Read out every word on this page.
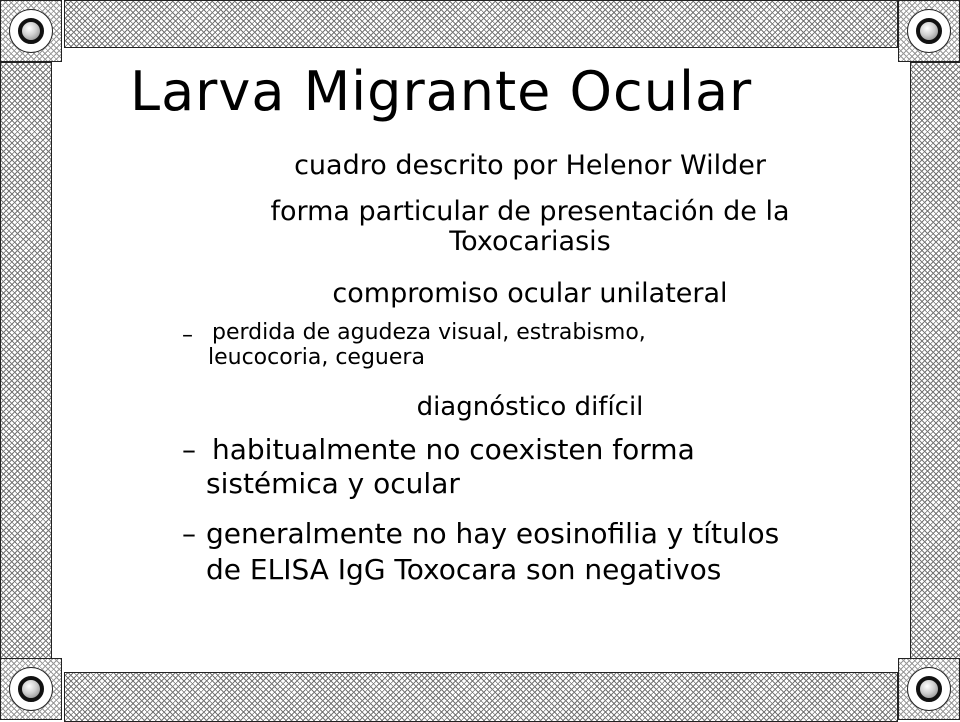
Larva Migrante Ocular

cuadro descrito por Helenor Wilder

forma particular de presentación de la

Toxocariasis

compromiso ocular unilateral

– perdida de agudeza visual, estrabismo,

leucocoria, ceguera

diagnóstico difícil

– habitualmente no coexisten forma

sistémica y ocular

– generalmente no hay eosinofilia y títulos

de ELISA IgG Toxocara son negativos
